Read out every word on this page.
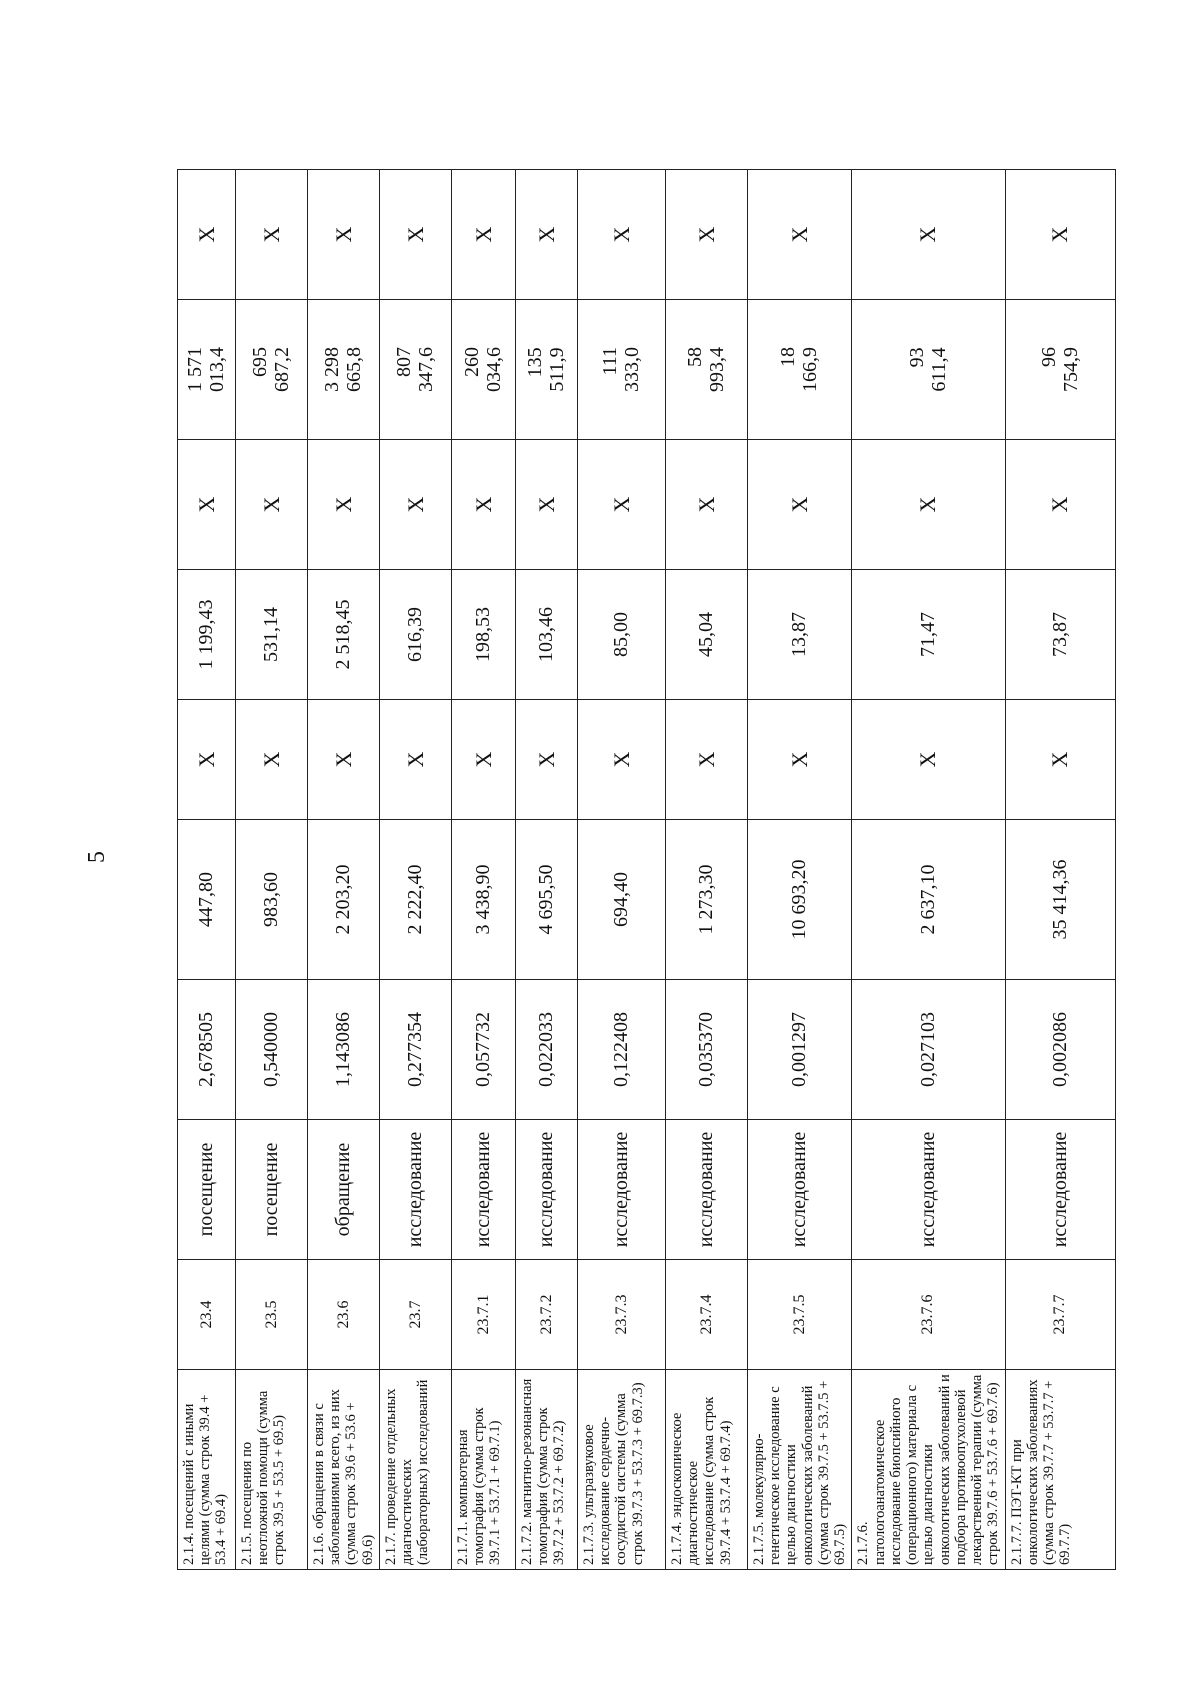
5
2.1.4. посещений с иными целями (сумма строк 39.4 + 53.4 + 69.4)	23.4	посещение	2,678505	447,80	X	1 199,43	X	1 571 013,4	X
2.1.5. посещения по неотложной помощи (сумма строк 39.5 + 53.5 + 69.5)	23.5	посещение	0,540000	983,60	X	531,14	X	695 687,2	X
2.1.6. обращения в связи с заболеваниями всего, из них (сумма строк 39.6 + 53.6 + 69.6)	23.6	обращение	1,143086	2 203,20	X	2 518,45	X	3 298 665,8	X
2.1.7. проведение отдельных диагностических (лабораторных) исследований	23.7	исследование	0,277354	2 222,40	X	616,39	X	807 347,6	X
2.1.7.1. компьютерная томография (сумма строк 39.7.1 + 53.7.1 + 69.7.1)	23.7.1	исследование	0,057732	3 438,90	X	198,53	X	260 034,6	X
2.1.7.2. магнитно-резонансная томография (сумма строк 39.7.2 + 53.7.2 + 69.7.2)	23.7.2	исследование	0,022033	4 695,50	X	103,46	X	135 511,9	X
2.1.7.3. ультразвуковое исследование сердечно-сосудистой системы (сумма строк 39.7.3 + 53.7.3 + 69.7.3)	23.7.3	исследование	0,122408	694,40	X	85,00	X	111 333,0	X
2.1.7.4. эндоскопическое диагностическое исследование (сумма строк 39.7.4 + 53.7.4 + 69.7.4)	23.7.4	исследование	0,035370	1 273,30	X	45,04	X	58 993,4	X
2.1.7.5. молекулярно-генетическое исследование с целью диагностики онкологических заболеваний (сумма строк 39.7.5 + 53.7.5 + 69.7.5)	23.7.5	исследование	0,001297	10 693,20	X	13,87	X	18 166,9	X
2.1.7.6. патологоанатомическое исследование биопсийного (операционного) материала с целью диагностики онкологических заболеваний и подбора противоопухолевой лекарственной терапии (сумма строк 39.7.6 + 53.7.6 + 69.7.6)	23.7.6	исследование	0,027103	2 637,10	X	71,47	X	93 611,4	X
2.1.7.7. ПЭТ-КТ при онкологических заболеваниях (сумма строк 39.7.7 + 53.7.7 + 69.7.7)	23.7.7	исследование	0,002086	35 414,36	X	73,87	X	96 754,9	X
